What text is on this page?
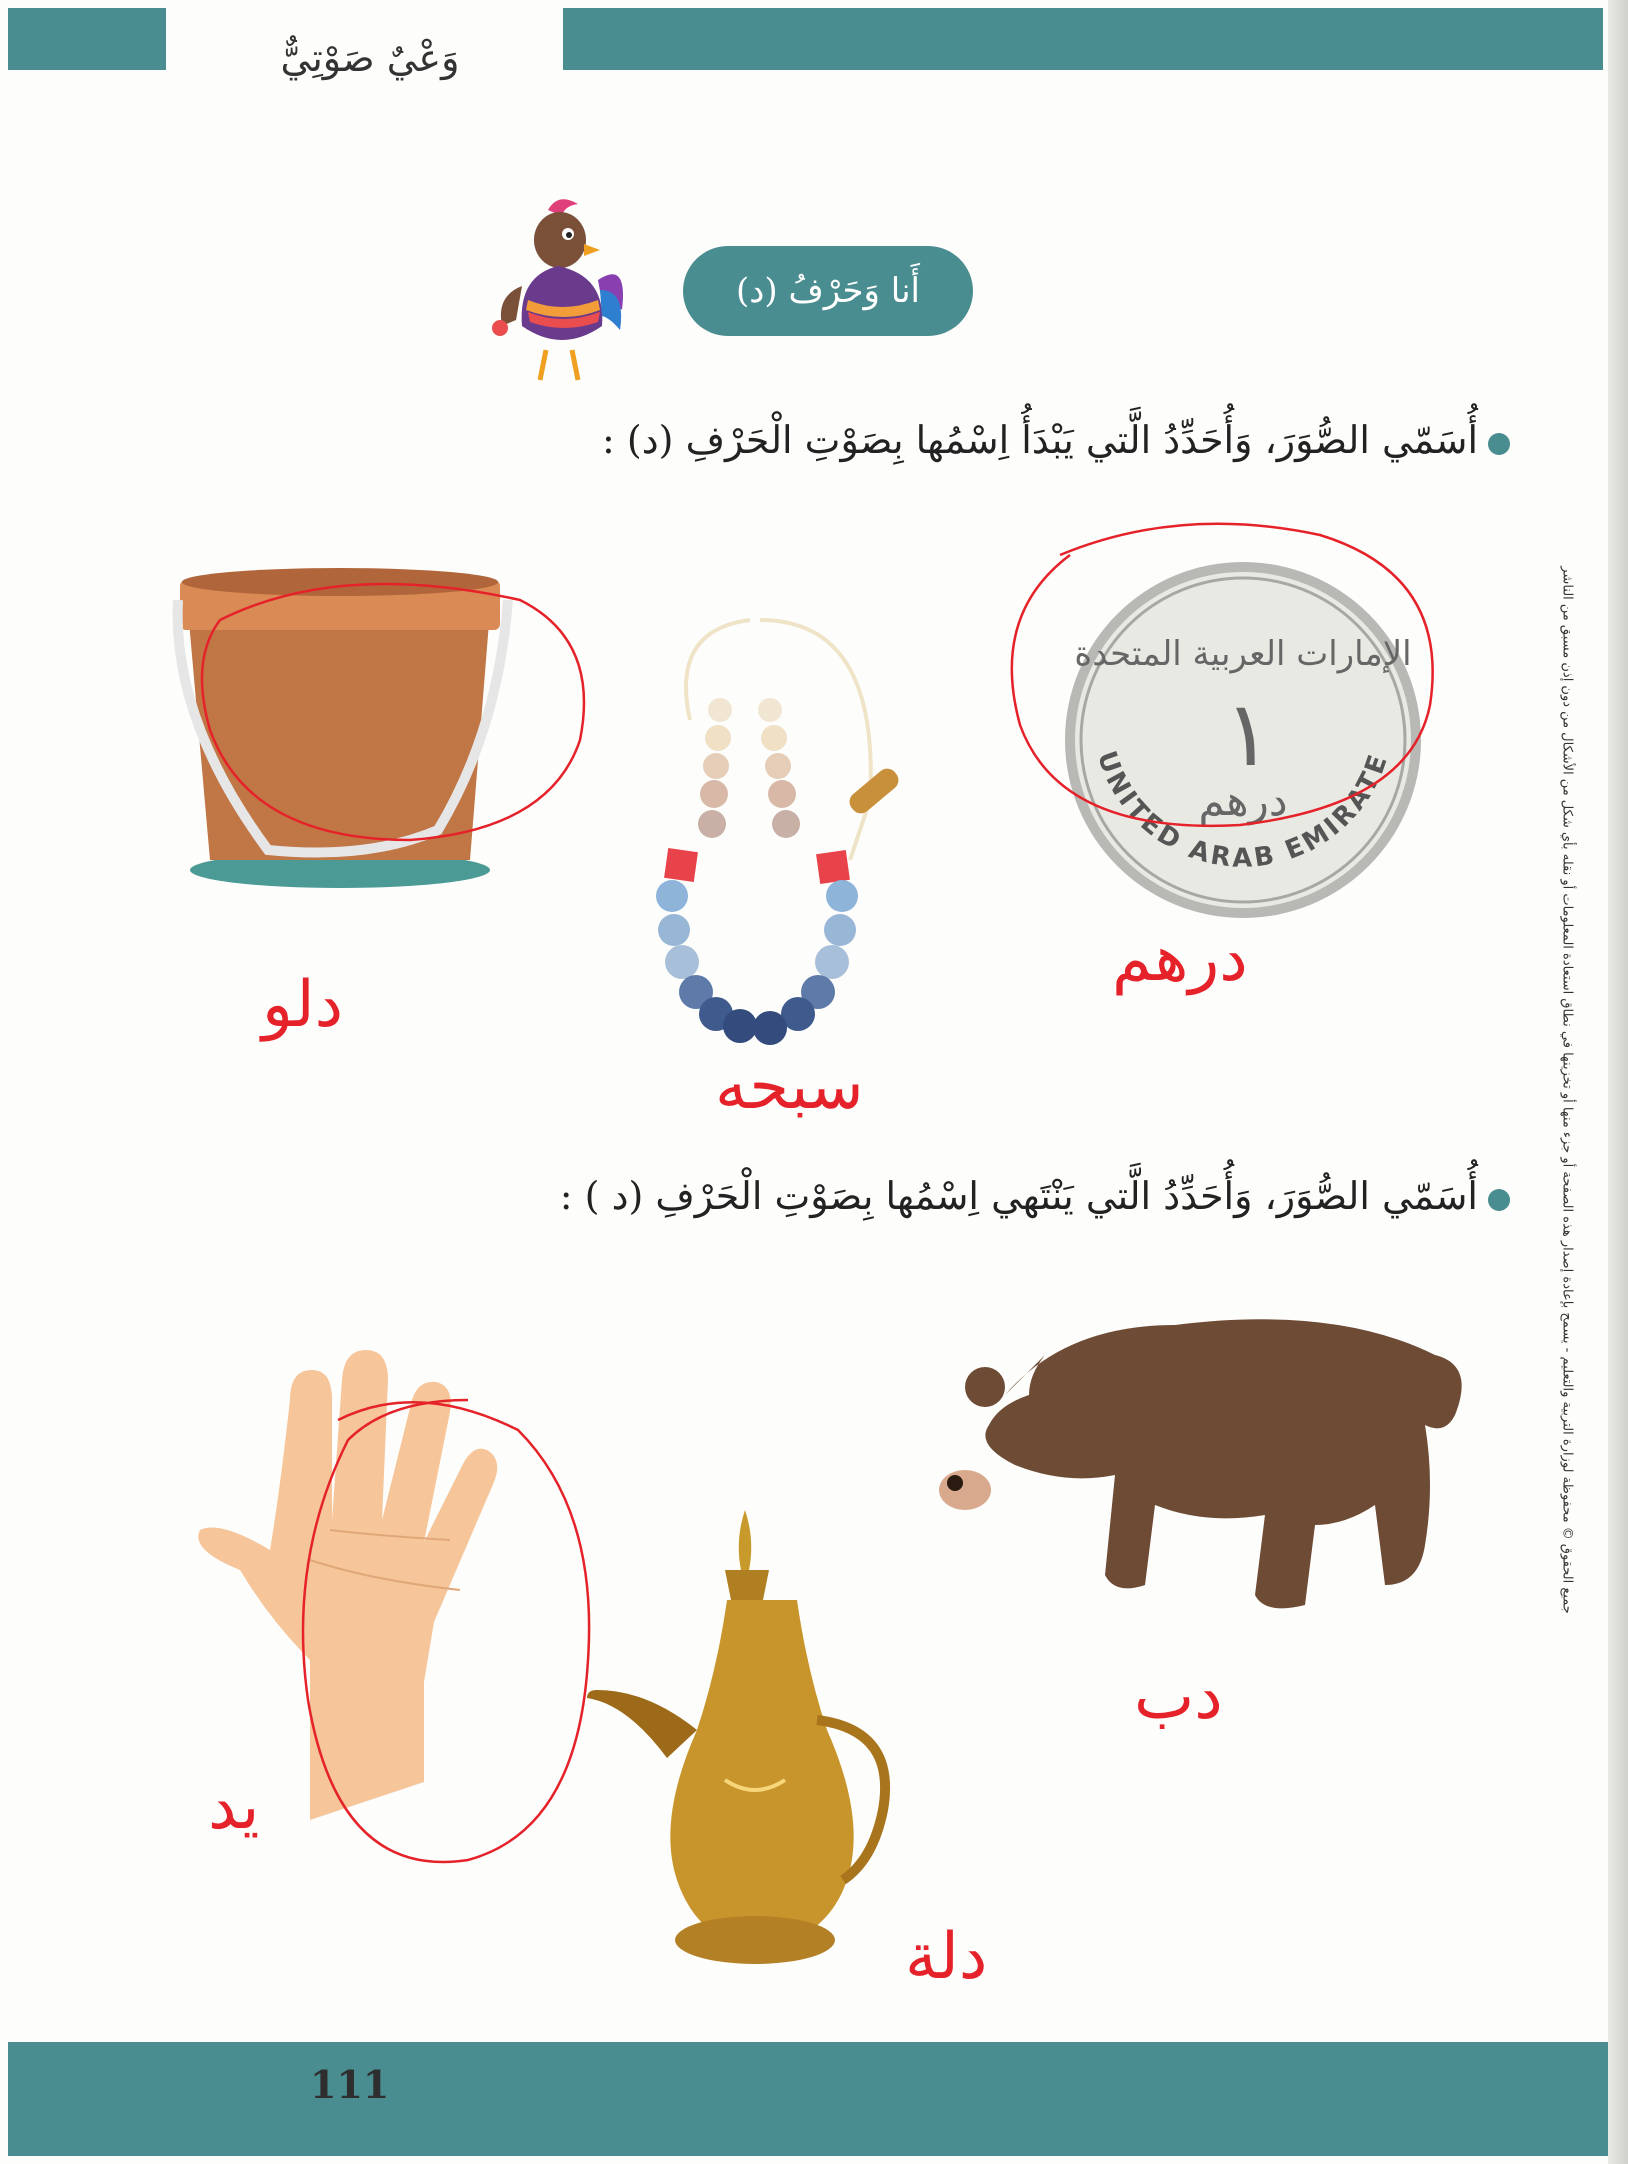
وَعْيٌ صَوْتِيٌّ
أَنا وَحَرْفُ (د)
أُسَمّي الصُّوَرَ، وَأُحَدِّدُ الَّتي يَبْدَأُ اِسْمُها بِصَوْتِ الْحَرْفِ (د) :
UNITED ARAB EMIRATES
الإمارات العربية المتحدة
١
درهم
دلو
درهم
سبحه
أُسَمّي الصُّوَرَ، وَأُحَدِّدُ الَّتي يَنْتَهي اِسْمُها بِصَوْتِ الْحَرْفِ (د ) :
دب
يد
دلة
جميع الحقوق © محفوظة لوزارة التربية والتعليم - يسمح بإعادة إصدار هذه الصفحة أو جزء منها أو تخزينها في نطاق استعادة المعلومات أو نقله بأي شكل من الأشكال من دون إذن مسبق من الناشر
111
